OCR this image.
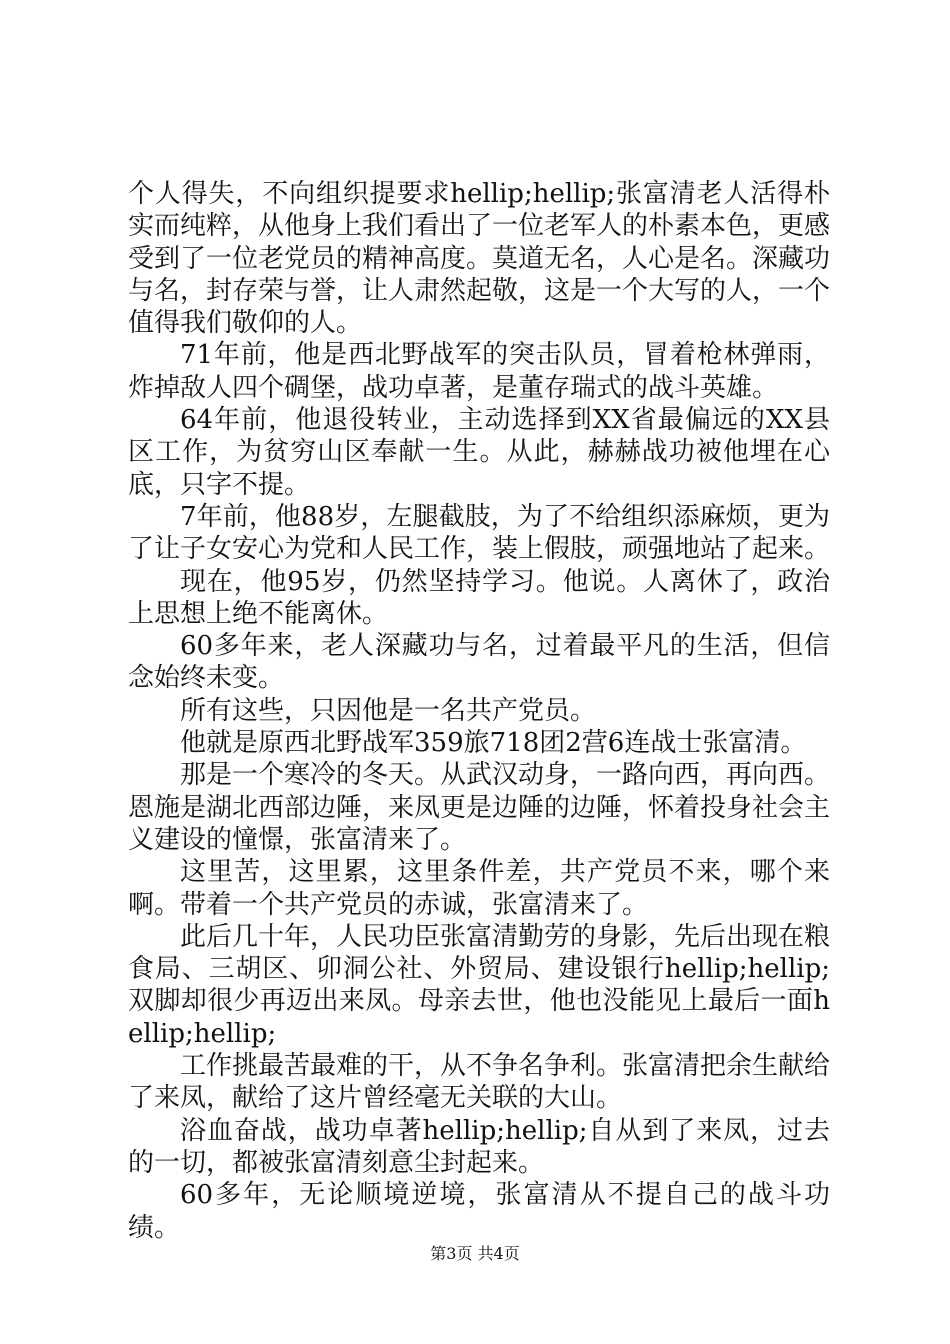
个人得失，不向组织提要求hellip;hellip;张富清老人活得朴实而纯粹，从他身上我们看出了一位老军人的朴素本色，更感受到了一位老党员的精神高度。莫道无名，人心是名。深藏功与名，封存荣与誉，让人肃然起敬，这是一个大写的人，一个值得我们敬仰的人。

71年前，他是西北野战军的突击队员，冒着枪林弹雨，炸掉敌人四个碉堡，战功卓著，是董存瑞式的战斗英雄。

64年前，他退役转业，主动选择到XX省最偏远的XX县区工作，为贫穷山区奉献一生。从此，赫赫战功被他埋在心底，只字不提。

7年前，他88岁，左腿截肢，为了不给组织添麻烦，更为了让子女安心为党和人民工作，装上假肢，顽强地站了起来。

现在，他95岁，仍然坚持学习。他说。人离休了，政治上思想上绝不能离休。

60多年来，老人深藏功与名，过着最平凡的生活，但信念始终未变。

所有这些，只因他是一名共产党员。

他就是原西北野战军359旅718团2营6连战士张富清。

那是一个寒冷的冬天。从武汉动身，一路向西，再向西。恩施是湖北西部边陲，来凤更是边陲的边陲，怀着投身社会主义建设的憧憬，张富清来了。

这里苦，这里累，这里条件差，共产党员不来，哪个来啊。带着一个共产党员的赤诚，张富清来了。

此后几十年，人民功臣张富清勤劳的身影，先后出现在粮食局、三胡区、卯洞公社、外贸局、建设银行hellip;hellip;双脚却很少再迈出来凤。母亲去世，他也没能见上最后一面hellip;hellip;

工作挑最苦最难的干，从不争名争利。张富清把余生献给了来凤，献给了这片曾经毫无关联的大山。

浴血奋战，战功卓著hellip;hellip;自从到了来凤，过去的一切，都被张富清刻意尘封起来。

60多年，无论顺境逆境，张富清从不提自己的战斗功绩。

第3页 共4页
